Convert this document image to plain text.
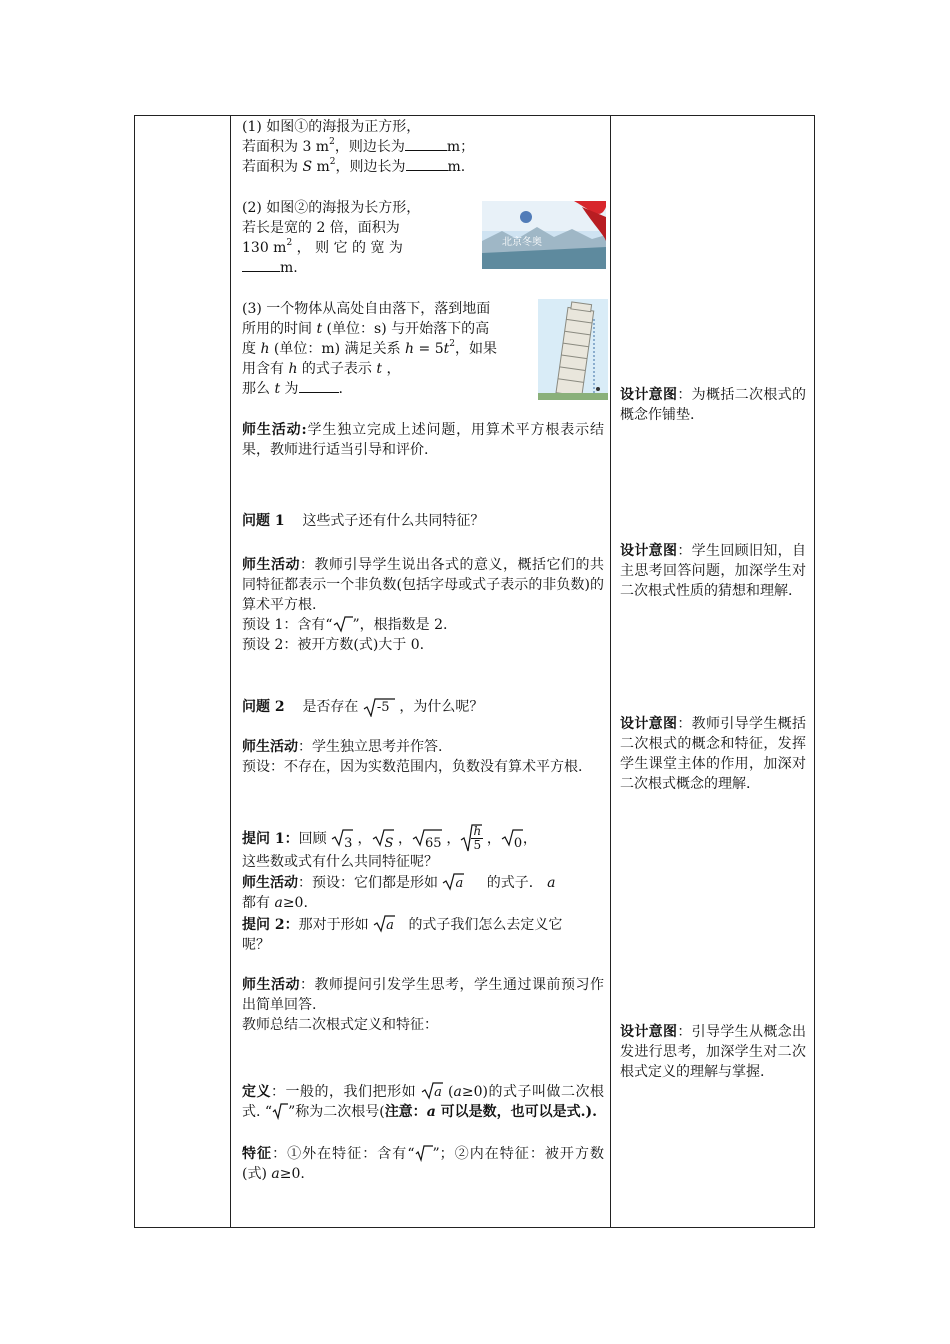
(1) 如图①的海报为正方形，
若面积为 3 $m^2$，则边长为	m；
若面积为 S $m^2$，则边长为	m.
(2) 如图②的海报为长方形，
若长是宽的 2 倍，面积为
130 $m^2$ ， 则 它 的 宽 为
m.
北京冬奥
(3) 一个物体从高处自由落下，落到地面
所用的时间 t (单位：s) 与开始落下的高
度 h (单位：m) 满足关系 $h = 5t^2$，如果
用含有 h 的式子表示 t ，
那么 t 为	.
师生活动:学生独立完成上述问题，用算术平方根表示结果，教师进行适当引导和评价.
问题 1 这些式子还有什么共同特征？
师生活动：教师引导学生说出各式的意义，概括它们的共同特征都表示一个非负数(包括字母或式子表示的非负数)的算术平方根.
预设 1：含有“ ”，根指数是 2.
预设 2：被开方数(式)大于 0.
问题 2 是否存在 -5 ，为什么呢？
师生活动：学生独立思考并作答.
预设：不存在，因为实数范围内，负数没有算术平方根.
提问 1：回顾 3 ， S ， 65 ， $\frac{h}{5}$ ， 0 ，
这些数或式有什么共同特征呢？
师生活动：预设：它们都是形如 a 的式子． a
都有 a≥0.
提问 2：那对于形如 a 的式子我们怎么去定义它
呢？
师生活动：教师提问引发学生思考，学生通过课前预习作出简单回答.
教师总结二次根式定义和特征：
定义：一般的，我们把形如 a (a≥0)的式子叫做二次根式. “ ”称为二次根号(注意：a 可以是数，也可以是式.).
特征：①外在特征：含有“ ”；②内在特征：被开方数(式) a≥0.
设计意图：为概括二次根式的概念作铺垫.
设计意图：学生回顾旧知，自主思考回答问题，加深学生对二次根式性质的猜想和理解.
设计意图：教师引导学生概括二次根式的概念和特征，发挥学生课堂主体的作用，加深对二次根式概念的理解.
设计意图：引导学生从概念出发进行思考，加深学生对二次根式定义的理解与掌握.
